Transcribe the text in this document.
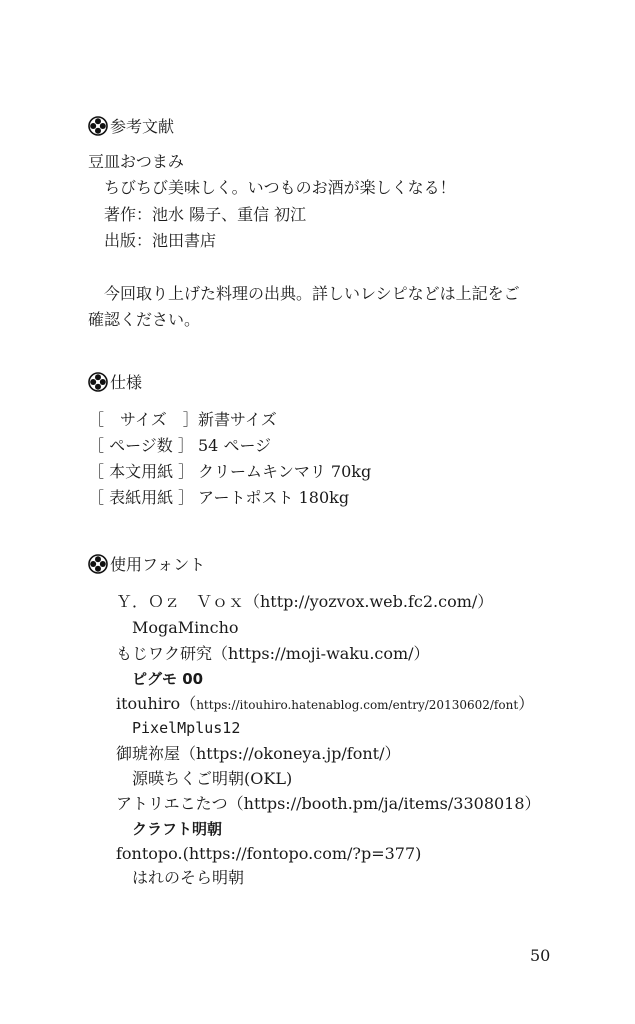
参考文献
豆皿おつまみ
ちびちび美味しく。いつものお酒が楽しくなる！
著作：池水 陽子、重信 初江
出版：池田書店
今回取り上げた料理の出典。詳しいレシピなどは上記をご
確認ください。
仕様
［　サイズ　］新書サイズ
［ ページ数 ］ 54 ページ
［ 本文用紙 ］ クリームキンマリ 70kg
［ 表紙用紙 ］ アートポスト 180kg
使用フォント
Ｙ．Ｏｚ　Ｖｏｘ（http://yozvox.web.fc2.com/）
MogaMincho
もじワク研究（https://moji-waku.com/）
ピグモ 00
itouhiro（https://itouhiro.hatenablog.com/entry/20130602/font）
PixelMplus12
御琥祢屋（https://okoneya.jp/font/）
源暎ちくご明朝(OKL)
アトリエこたつ（https://booth.pm/ja/items/3308018）
クラフト明朝
fontopo.(https://fontopo.com/?p=377)
はれのそら明朝
50
